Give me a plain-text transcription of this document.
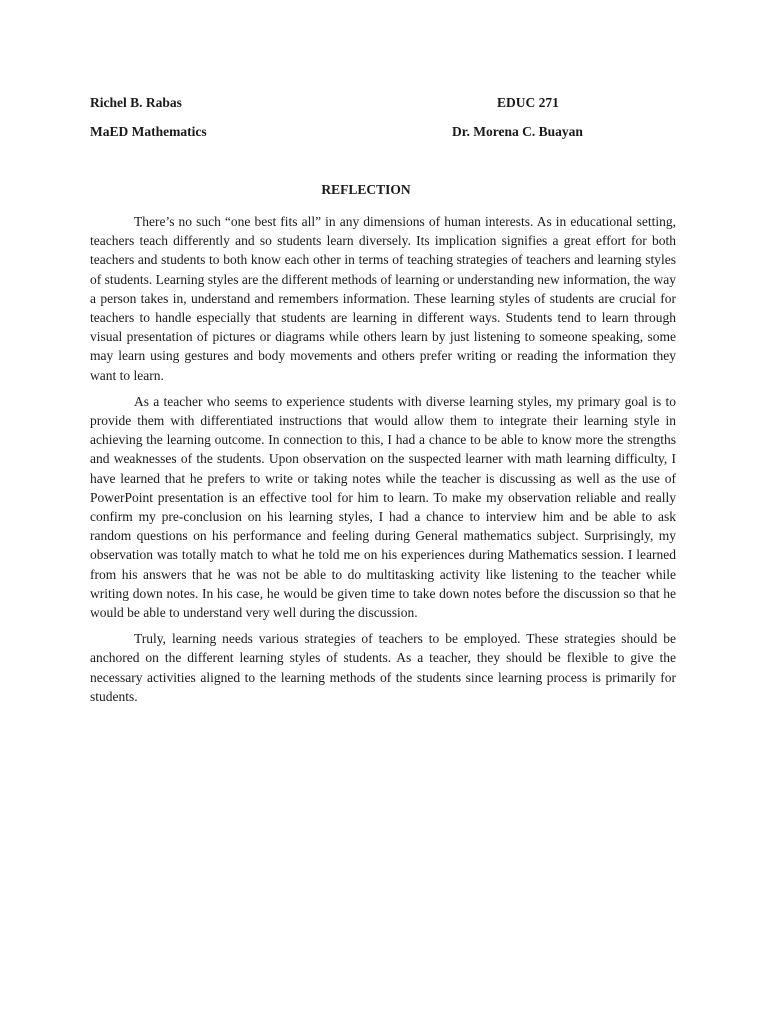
Richel B. Rabas	EDUC 271
MaED Mathematics	Dr. Morena C. Buayan
REFLECTION

There’s no such “one best fits all” in any dimensions of human interests. As in educational setting, teachers teach differently and so students learn diversely. Its implication signifies a great effort for both teachers and students to both know each other in terms of teaching strategies of teachers and learning styles of students. Learning styles are the different methods of learning or understanding new information, the way a person takes in, understand and remembers information. These learning styles of students are crucial for teachers to handle especially that students are learning in different ways. Students tend to learn through visual presentation of pictures or diagrams while others learn by just listening to someone speaking, some may learn using gestures and body movements and others prefer writing or reading the information they want to learn.

As a teacher who seems to experience students with diverse learning styles, my primary goal is to provide them with differentiated instructions that would allow them to integrate their learning style in achieving the learning outcome. In connection to this, I had a chance to be able to know more the strengths and weaknesses of the students. Upon observation on the suspected learner with math learning difficulty, I have learned that he prefers to write or taking notes while the teacher is discussing as well as the use of PowerPoint presentation is an effective tool for him to learn. To make my observation reliable and really confirm my pre-conclusion on his learning styles, I had a chance to interview him and be able to ask random questions on his performance and feeling during General mathematics subject. Surprisingly, my observation was totally match to what he told me on his experiences during Mathematics session. I learned from his answers that he was not be able to do multitasking activity like listening to the teacher while writing down notes. In his case, he would be given time to take down notes before the discussion so that he would be able to understand very well during the discussion.

Truly, learning needs various strategies of teachers to be employed. These strategies should be anchored on the different learning styles of students. As a teacher, they should be flexible to give the necessary activities aligned to the learning methods of the students since learning process is primarily for students.
